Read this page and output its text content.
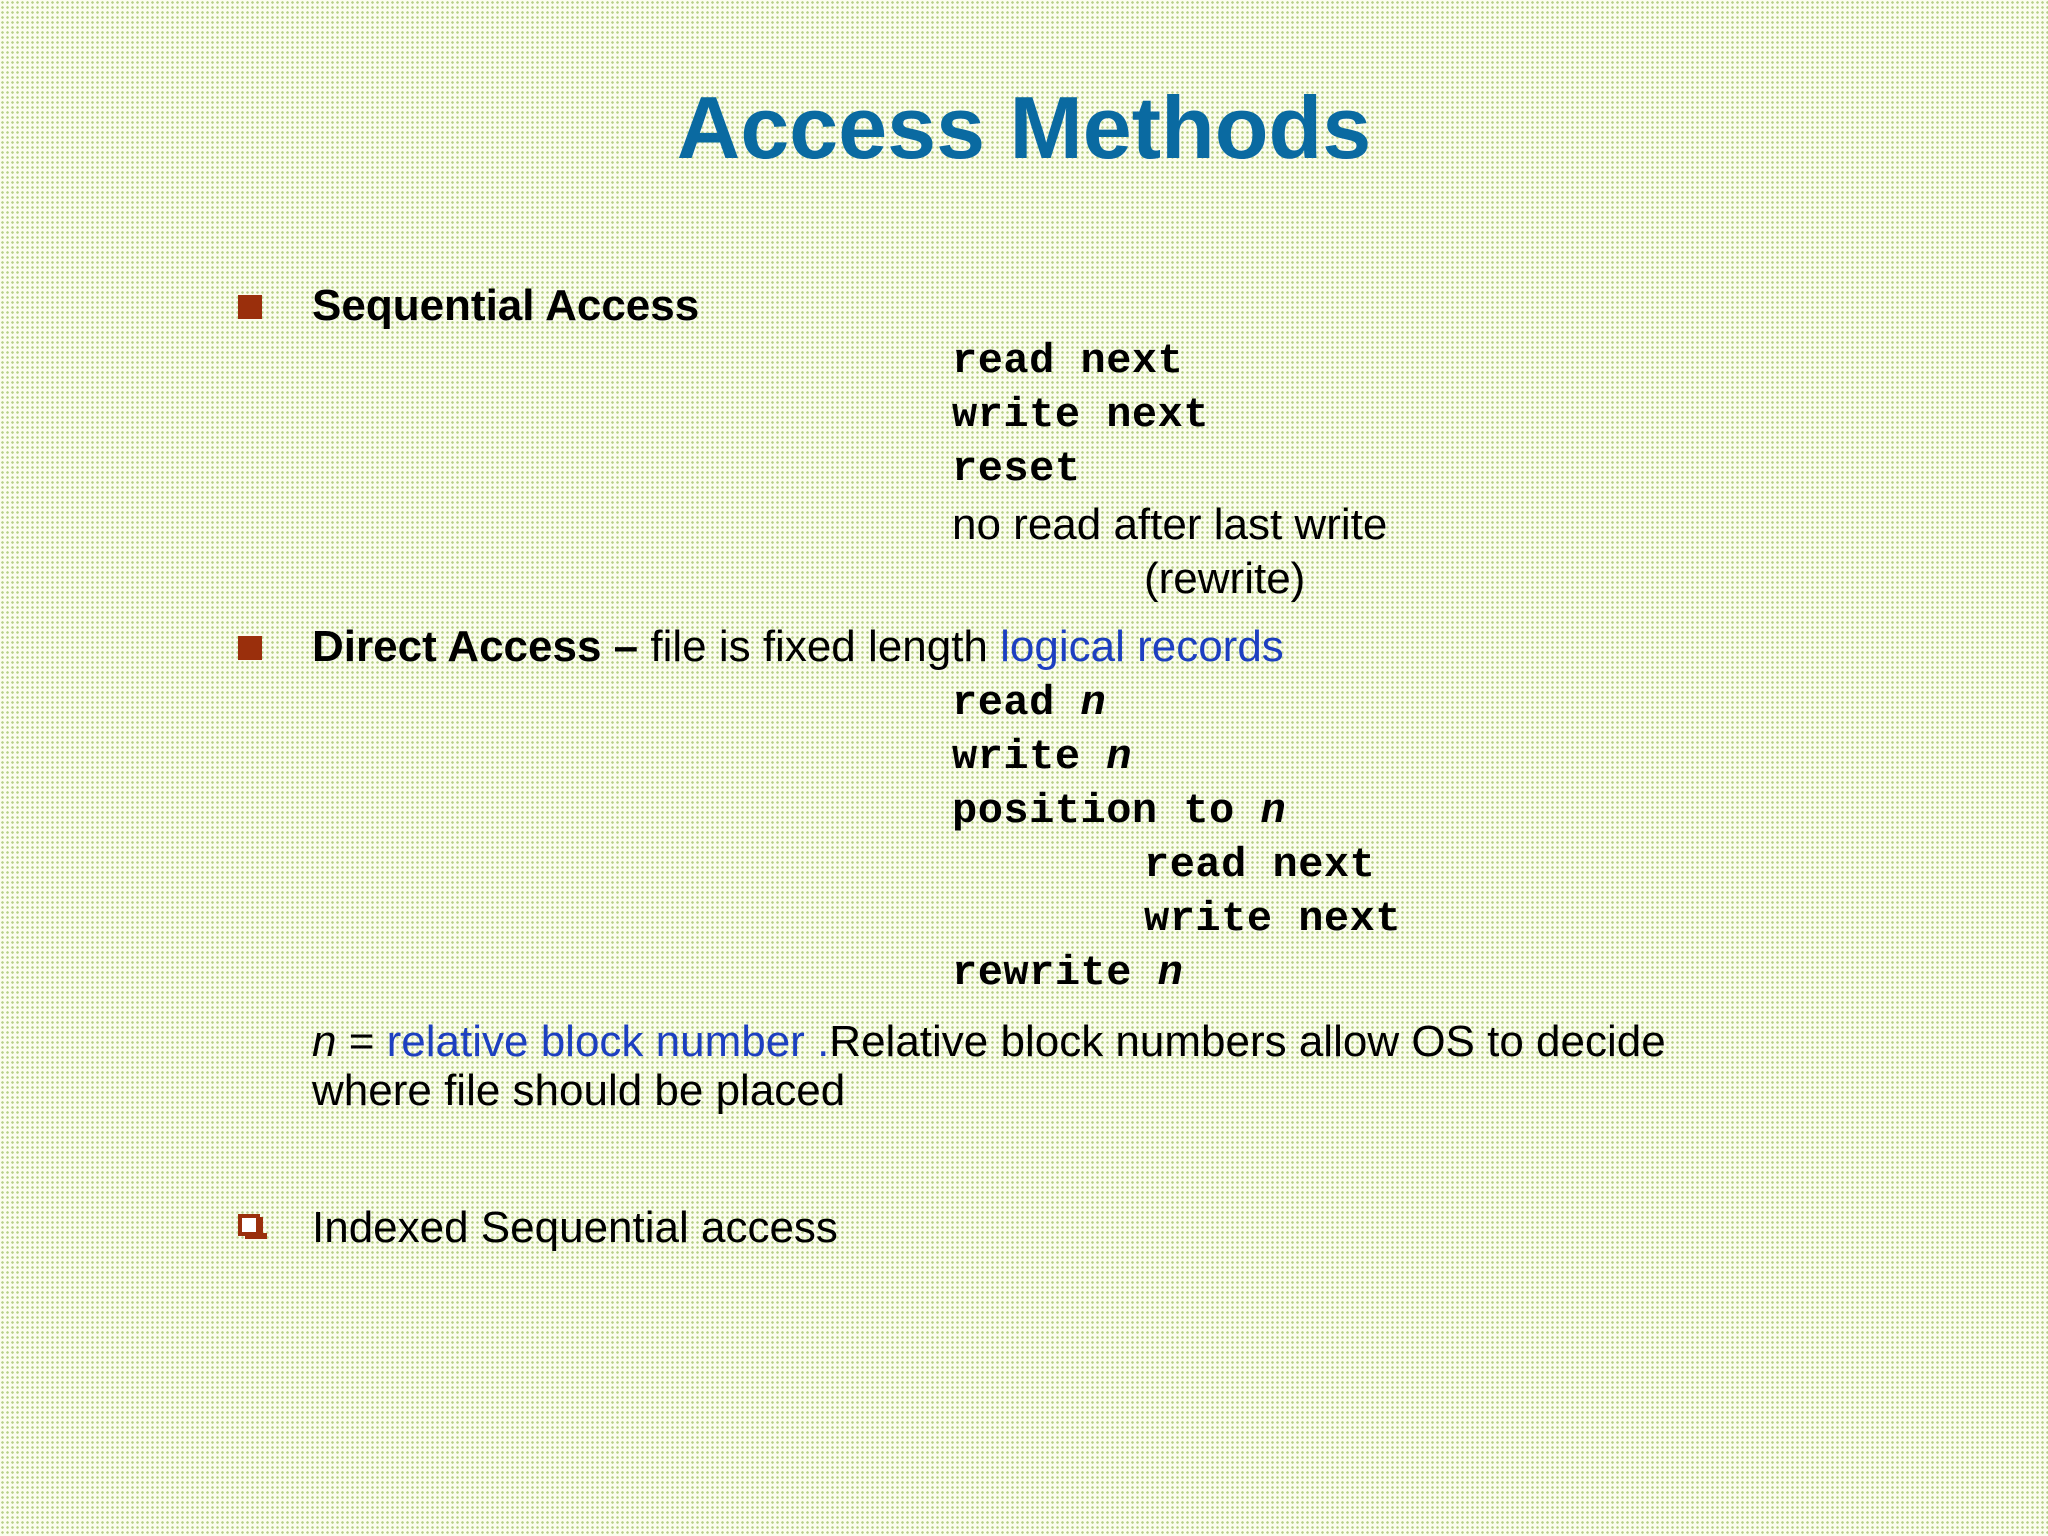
Access Methods
Sequential Access
read next
write next
reset
no read after last write
(rewrite)
Direct Access – file is fixed length logical records
read n
write n
position to n
read next
write next
rewrite n
n = relative block number .Relative block numbers allow OS to decide
where file should be placed
Indexed Sequential access
